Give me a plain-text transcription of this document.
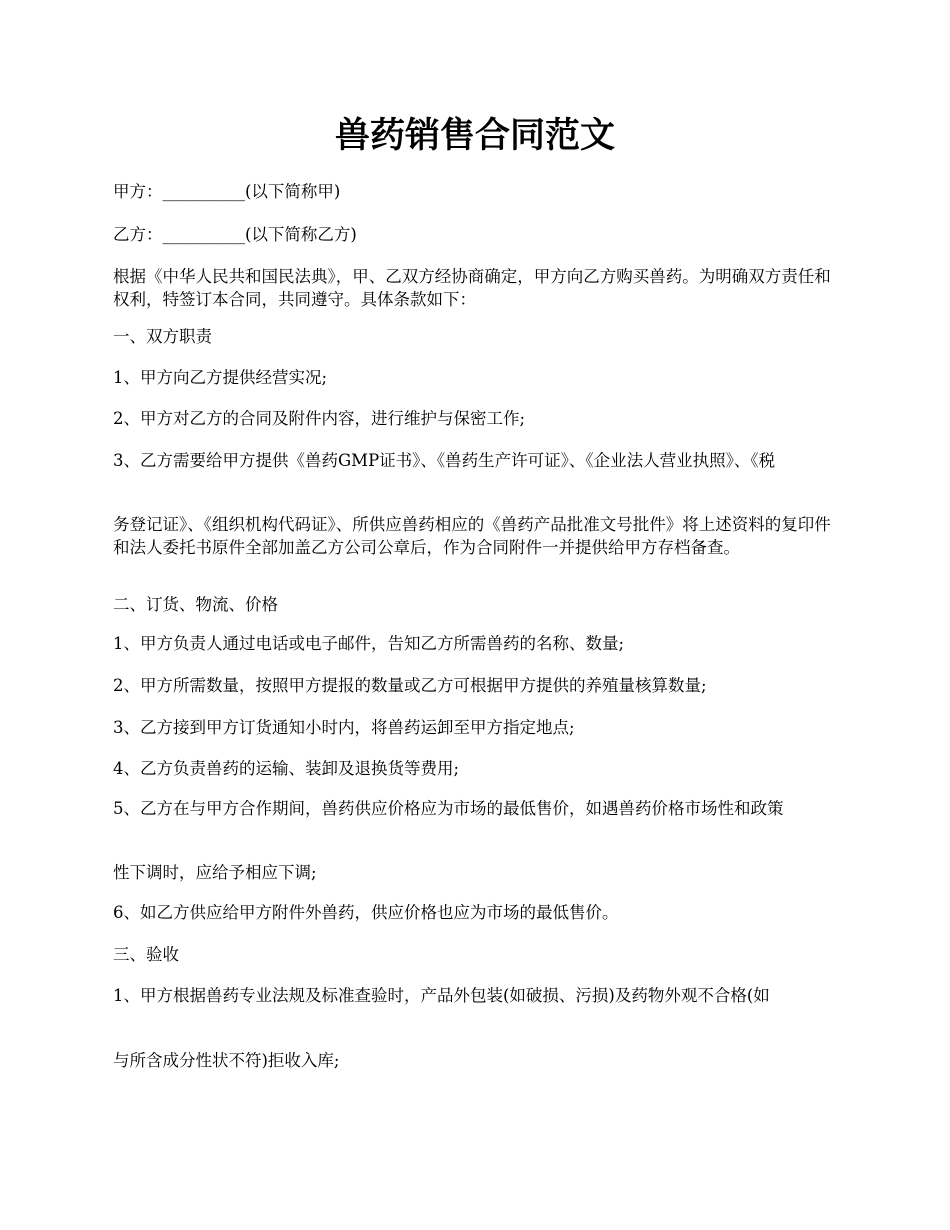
兽药销售合同范文

甲方：__________(以下简称甲)

乙方：__________(以下简称乙方)

根据《中华人民共和国民法典》，甲、乙双方经协商确定，甲方向乙方购买兽药。为明确双方责任和权利，特签订本合同，共同遵守。具体条款如下：

一、双方职责

1、甲方向乙方提供经营实况;

2、甲方对乙方的合同及附件内容，进行维护与保密工作;

3、乙方需要给甲方提供《兽药GMP证书》、《兽药生产许可证》、《企业法人营业执照》、《税

务登记证》、《组织机构代码证》、所供应兽药相应的《兽药产品批准文号批件》将上述资料的复印件和法人委托书原件全部加盖乙方公司公章后，作为合同附件一并提供给甲方存档备查。

二、订货、物流、价格

1、甲方负责人通过电话或电子邮件，告知乙方所需兽药的名称、数量;

2、甲方所需数量，按照甲方提报的数量或乙方可根据甲方提供的养殖量核算数量;

3、乙方接到甲方订货通知小时内，将兽药运卸至甲方指定地点;

4、乙方负责兽药的运输、装卸及退换货等费用;

5、乙方在与甲方合作期间，兽药供应价格应为市场的最低售价，如遇兽药价格市场性和政策

性下调时，应给予相应下调;

6、如乙方供应给甲方附件外兽药，供应价格也应为市场的最低售价。

三、验收

1、甲方根据兽药专业法规及标准查验时，产品外包装(如破损、污损)及药物外观不合格(如

与所含成分性状不符)拒收入库;
